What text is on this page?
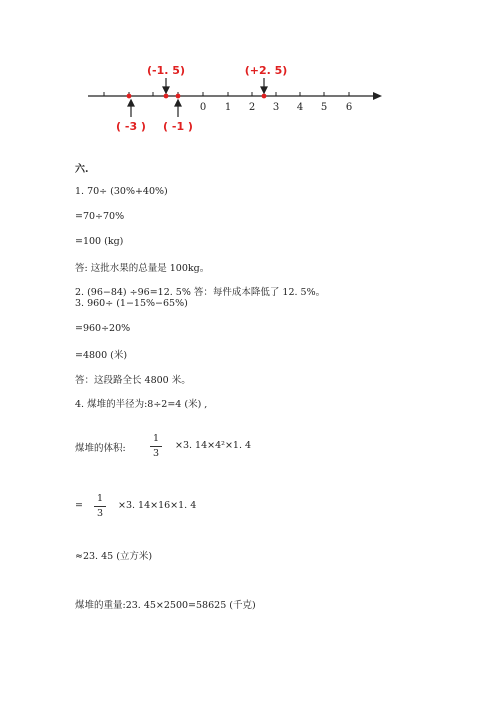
0 1 2 3 4 5 6
(-1. 5)	(+2. 5)
( -3 ) ( -1 )
六.
1. 70÷ (30%+40%)
=70÷70%
=100 (kg)
答: 这批水果的总量是 100kg。
2. (96−84) ÷96=12. 5% 答：每件成本降低了 12. 5%。
3. 960÷ (1−15%−65%)
=960÷20%
=4800 (米)
答：这段路全长 4800 米。
4. 煤堆的半径为:8÷2=4 (米) ,
煤堆的体积:
1
3
×3. 14×4²×1. 4
=
1
3
×3. 14×16×1. 4
≈23. 45 (立方米)
煤堆的重量:23. 45×2500=58625 (千克)
